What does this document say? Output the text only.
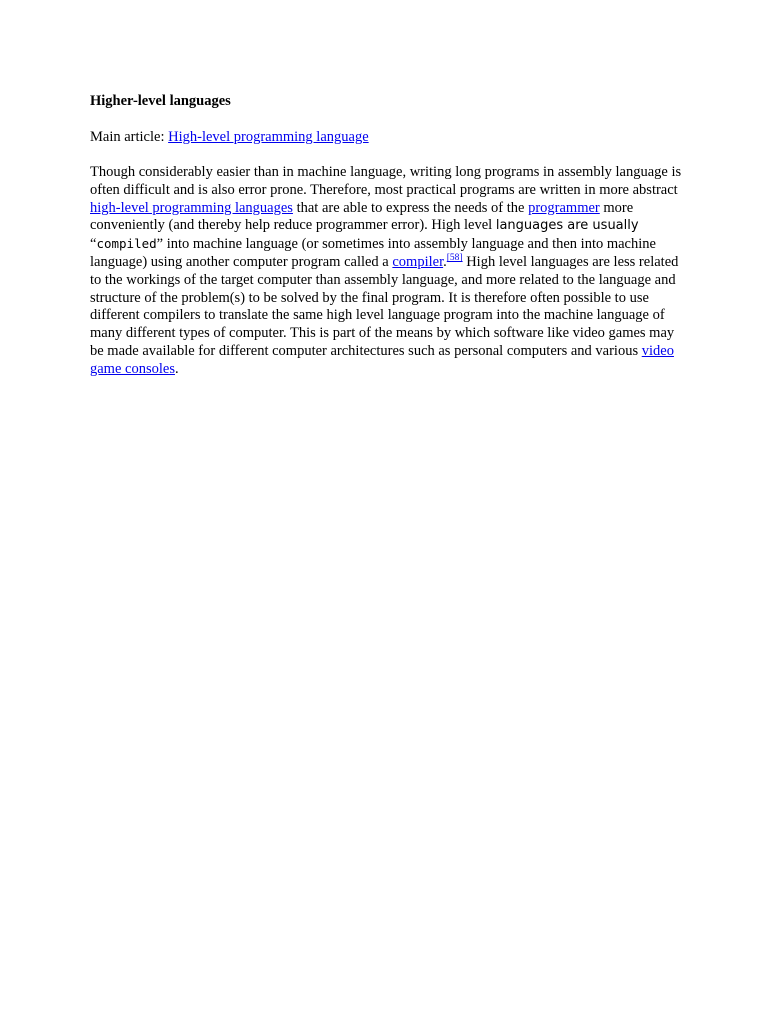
Higher-level languages
Main article: High-level programming language

Though considerably easier than in machine language, writing long programs in assembly language is often difficult and is also error prone. Therefore, most practical programs are written in more abstract high-level programming languages that are able to express the needs of the programmer more conveniently (and thereby help reduce programmer error). High level languages are usually “compiled” into machine language (or sometimes into assembly language and then into machine language) using another computer program called a compiler.[58] High level languages are less related to the workings of the target computer than assembly language, and more related to the language and structure of the problem(s) to be solved by the final program. It is therefore often possible to use different compilers to translate the same high level language program into the machine language of many different types of computer. This is part of the means by which software like video games may be made available for different computer architectures such as personal computers and various video game consoles.
